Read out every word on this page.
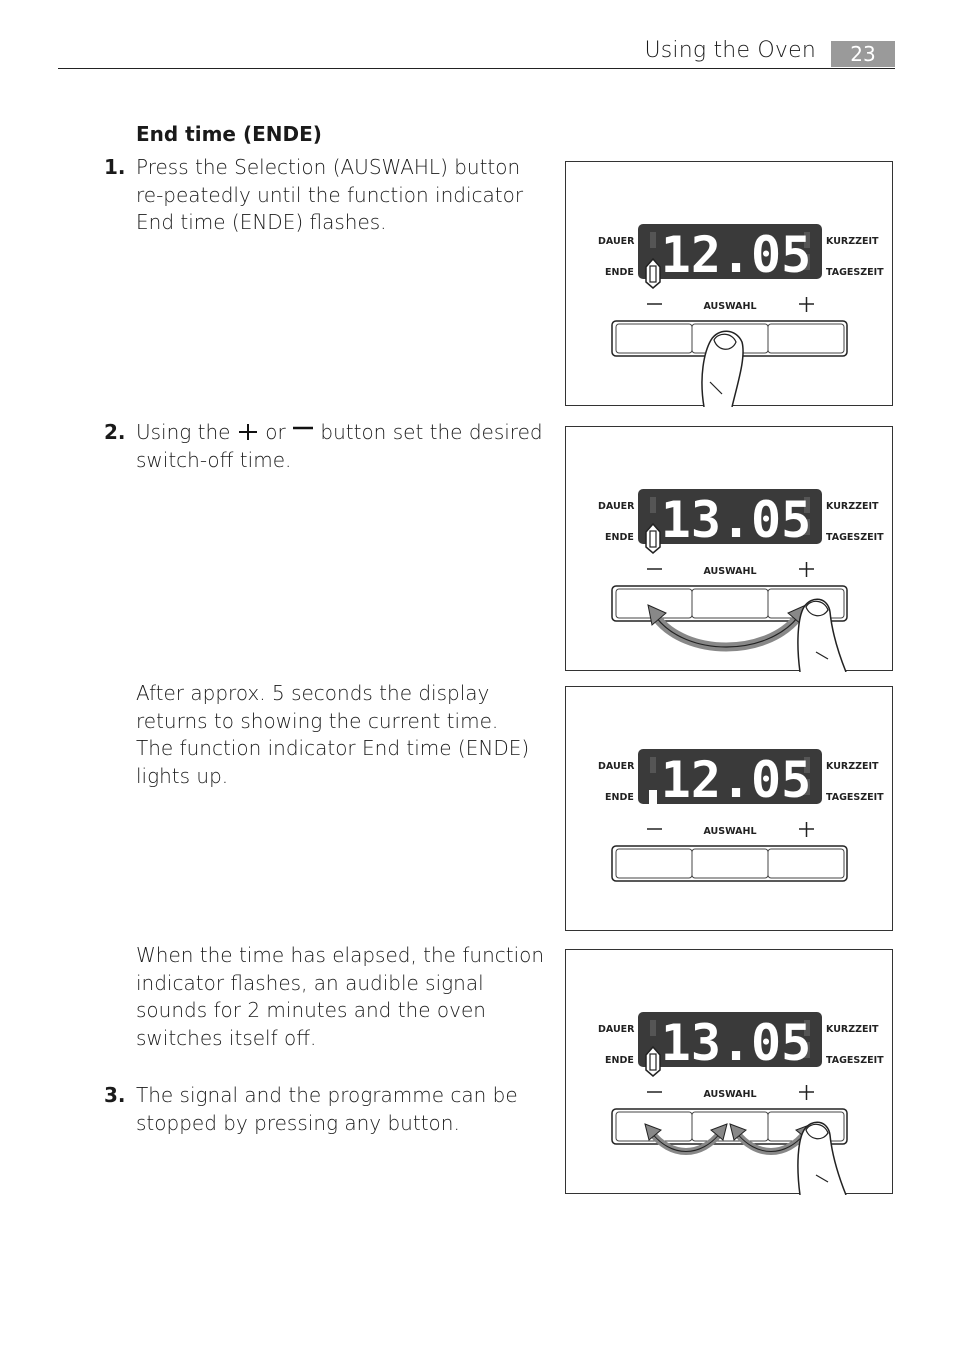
Using the Oven	23
End time (ENDE)
1. Press the Selection (AUSWAHL) button re-peatedly until the function indicator End time (ENDE) flashes.

2. Using the or button set the desired switch-off time.

After approx. 5 seconds the display returns to showing the current time.

The function indicator End time (ENDE) lights up.

When the time has elapsed, the function indicator flashes, an audible signal sounds for 2 minutes and the oven switches itself off.

3. The signal and the programme can be stopped by pressing any button.

12.05
DAUER
ENDE
KURZZEIT
TAGESZEIT
AUSWAHL
13.05
DAUER
ENDE
KURZZEIT
TAGESZEIT
AUSWAHL
12.05
DAUER
ENDE
KURZZEIT
TAGESZEIT
AUSWAHL
13.05
DAUER
ENDE
KURZZEIT
TAGESZEIT
AUSWAHL
